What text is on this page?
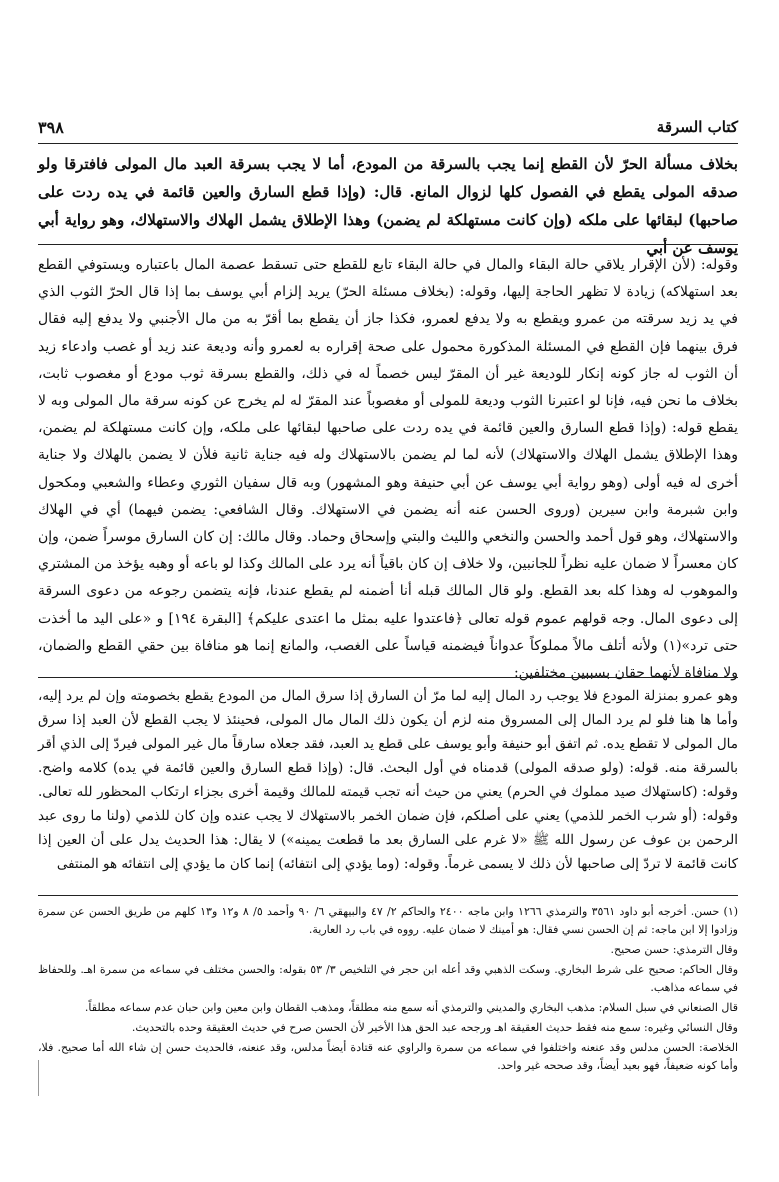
كتاب السرقة
٣٩٨
بخلاف مسألة الحرّ لأن القطع إنما يجب بالسرقة من المودع، أما لا يجب بسرقة العبد مال المولى فافترقا ولو صدقه المولى يقطع في الفصول كلها لزوال المانع. قال: (وإذا قطع السارق والعين قائمة في يده ردت على صاحبها) لبقائها على ملكه (وإن كانت مستهلكة لم يضمن) وهذا الإطلاق يشمل الهلاك والاستهلاك، وهو رواية أبي يوسف عن أبي
وقوله: (لأن الإقرار يلاقي حالة البقاء والمال في حالة البقاء تابع للقطع حتى تسقط عصمة المال باعتباره ويستوفي القطع بعد استهلاكه) زيادة لا تظهر الحاجة إليها، وقوله: (بخلاف مسئلة الحرّ) يريد إلزام أبي يوسف بما إذا قال الحرّ الثوب الذي في يد زيد سرقته من عمرو ويقطع به ولا يدفع لعمرو، فكذا جاز أن يقطع بما أقرّ به من مال الأجنبي ولا يدفع إليه فقال فرق بينهما فإن القطع في المسئلة المذكورة محمول على صحة إقراره به لعمرو وأنه وديعة عند زيد أو غصب وادعاء زيد أن الثوب له جاز كونه إنكار للوديعة غير أن المقرّ ليس خصماً له في ذلك، والقطع بسرقة ثوب مودع أو مغصوب ثابت، بخلاف ما نحن فيه، فإنا لو اعتبرنا الثوب وديعة للمولى أو مغصوباً عند المقرّ له لم يخرج عن كونه سرقة مال المولى وبه لا يقطع قوله: (وإذا قطع السارق والعين قائمة في يده ردت على صاحبها لبقائها على ملكه، وإن كانت مستهلكة لم يضمن، وهذا الإطلاق يشمل الهلاك والاستهلاك) لأنه لما لم يضمن بالاستهلاك وله فيه جناية ثانية فلأن لا يضمن بالهلاك ولا جناية أخرى له فيه أولى (وهو رواية أبي يوسف عن أبي حنيفة وهو المشهور) وبه قال سفيان الثوري وعطاء والشعبي ومكحول وابن شبرمة وابن سيرين (وروى الحسن عنه أنه يضمن في الاستهلاك. وقال الشافعي: يضمن فيهما) أي في الهلاك والاستهلاك، وهو قول أحمد والحسن والنخعي والليث والبتي وإسحاق وحماد. وقال مالك: إن كان السارق موسراً ضمن، وإن كان معسراً لا ضمان عليه نظراً للجانبين، ولا خلاف إن كان باقياً أنه يرد على المالك وكذا لو باعه أو وهبه يؤخذ من المشتري والموهوب له وهذا كله بعد القطع. ولو قال المالك قبله أنا أضمنه لم يقطع عندنا، فإنه يتضمن رجوعه من دعوى السرقة إلى دعوى المال. وجه قولهم عموم قوله تعالى ﴿فاعتدوا عليه بمثل ما اعتدى عليكم﴾ [البقرة ١٩٤] و «على اليد ما أخذت حتى ترد»(١) ولأنه أتلف مالاً مملوكاً عدواناً فيضمنه قياساً على الغصب، والمانع إنما هو منافاة بين حقي القطع والضمان، ولا منافاة لأنهما حقان بسببين مختلفين:
وهو عمرو بمنزلة المودع فلا يوجب رد المال إليه لما مرّ أن السارق إذا سرق المال من المودع يقطع بخصومته وإن لم يرد إليه، وأما ها هنا فلو لم يرد المال إلى المسروق منه لزم أن يكون ذلك المال مال المولى، فحينئذ لا يجب القطع لأن العبد إذا سرق مال المولى لا تقطع يده. ثم اتفق أبو حنيفة وأبو يوسف على قطع يد العبد، فقد جعلاه سارقاً مال غير المولى فيردّ إلى الذي أقر بالسرقة منه. قوله: (ولو صدقه المولى) قدمناه في أول البحث. قال: (وإذا قطع السارق والعين قائمة في يده) كلامه واضح. وقوله: (كاستهلاك صيد مملوك في الحرم) يعني من حيث أنه تجب قيمته للمالك وقيمة أخرى بجزاء ارتكاب المحظور لله تعالى. وقوله: (أو شرب الخمر للذمي) يعني على أصلكم، فإن ضمان الخمر بالاستهلاك لا يجب عنده وإن كان للذمي (ولنا ما روى عبد الرحمن بن عوف عن رسول الله ﷺ «لا غرم على السارق بعد ما قطعت يمينه») لا يقال: هذا الحديث يدل على أن العين إذا كانت قائمة لا تردّ إلى صاحبها لأن ذلك لا يسمى غرماً. وقوله: (وما يؤدي إلى انتفائه) إنما كان ما يؤدي إلى انتفائه هو المنتفى

(١) حسن. أخرجه أبو داود ٣٥٦١ والترمذي ١٢٦٦ وابن ماجه ٢٤٠٠ والحاكم ٢/ ٤٧ والبيهقي ٦/ ٩٠ وأحمد ٥/ ٨ و١٢ و١٣ كلهم من طريق الحسن عن سمرة وزادوا إلا ابن ماجه: ثم إن الحسن نسي فقال: هو أمينك لا ضمان عليه. رووه في باب رد العارية.

وقال الترمذي: حسن صحيح.

وقال الحاكم: صحيح على شرط البخاري. وسكت الذهبي وقد أعله ابن حجر في التلخيص ٣/ ٥٣ بقوله: والحسن مختلف في سماعه من سمرة اهـ. وللحفاظ في سماعه مذاهب.

قال الصنعاني في سبل السلام: مذهب البخاري والمديني والترمذي أنه سمع منه مطلقاً، ومذهب القطان وابن معين وابن حبان عدم سماعه مطلقاً.

وقال النسائي وغيره: سمع منه فقط حديث العقيقة اهـ ورجحه عبد الحق هذا الأخير لأن الحسن صرح في حديث العقيقة وحده بالتحديث.

الخلاصة: الحسن مدلس وقد عنعنه واختلفوا في سماعه من سمرة والراوي عنه قتادة أيضاً مدلس، وقد عنعنه، فالحديث حسن إن شاء الله أما صحيح. فلا، وأما كونه ضعيفاً، فهو بعيد أيضاً، وقد صححه غير واحد.
